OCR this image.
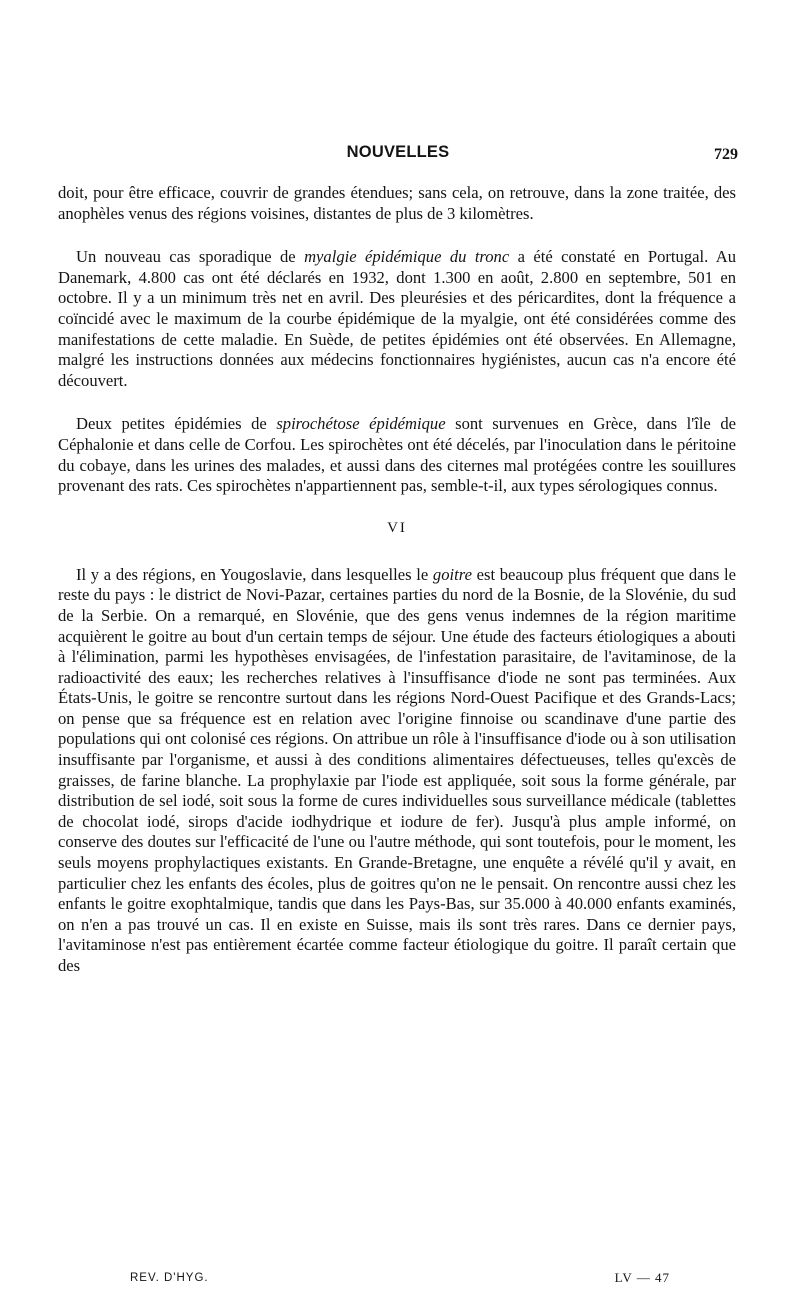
NOUVELLES	729

doit, pour être efficace, couvrir de grandes étendues; sans cela, on retrouve, dans la zone traitée, des anophèles venus des régions voisines, distantes de plus de 3 kilomètres.

Un nouveau cas sporadique de myalgie épidémique du tronc a été constaté en Portugal. Au Danemark, 4.800 cas ont été déclarés en 1932, dont 1.300 en août, 2.800 en septembre, 501 en octobre. Il y a un minimum très net en avril. Des pleurésies et des péricardites, dont la fréquence a coïncidé avec le maximum de la courbe épidémique de la myalgie, ont été considérées comme des manifestations de cette maladie. En Suède, de petites épidémies ont été observées. En Allemagne, malgré les instructions données aux médecins fonctionnaires hygiénistes, aucun cas n'a encore été découvert.

Deux petites épidémies de spirochétose épidémique sont survenues en Grèce, dans l'île de Céphalonie et dans celle de Corfou. Les spirochètes ont été décelés, par l'inoculation dans le péritoine du cobaye, dans les urines des malades, et aussi dans des citernes mal protégées contre les souillures provenant des rats. Ces spirochètes n'appartiennent pas, semble-t-il, aux types sérologiques connus.

VI

Il y a des régions, en Yougoslavie, dans lesquelles le goitre est beaucoup plus fréquent que dans le reste du pays : le district de Novi-Pazar, certaines parties du nord de la Bosnie, de la Slovénie, du sud de la Serbie. On a remarqué, en Slovénie, que des gens venus indemnes de la région maritime acquièrent le goitre au bout d'un certain temps de séjour. Une étude des facteurs étiologiques a abouti à l'élimination, parmi les hypothèses envisagées, de l'infestation parasitaire, de l'avitaminose, de la radioactivité des eaux; les recherches relatives à l'insuffisance d'iode ne sont pas terminées. Aux États-Unis, le goitre se rencontre surtout dans les régions Nord-Ouest Pacifique et des Grands-Lacs; on pense que sa fréquence est en relation avec l'origine finnoise ou scandinave d'une partie des populations qui ont colonisé ces régions. On attribue un rôle à l'insuffisance d'iode ou à son utilisation insuffisante par l'organisme, et aussi à des conditions alimentaires défectueuses, telles qu'excès de graisses, de farine blanche. La prophylaxie par l'iode est appliquée, soit sous la forme générale, par distribution de sel iodé, soit sous la forme de cures individuelles sous surveillance médicale (tablettes de chocolat iodé, sirops d'acide iodhydrique et iodure de fer). Jusqu'à plus ample informé, on conserve des doutes sur l'efficacité de l'une ou l'autre méthode, qui sont toutefois, pour le moment, les seuls moyens prophylactiques existants. En Grande-Bretagne, une enquête a révélé qu'il y avait, en particulier chez les enfants des écoles, plus de goitres qu'on ne le pensait. On rencontre aussi chez les enfants le goitre exophtalmique, tandis que dans les Pays-Bas, sur 35.000 à 40.000 enfants examinés, on n'en a pas trouvé un cas. Il en existe en Suisse, mais ils sont très rares. Dans ce dernier pays, l'avitaminose n'est pas entièrement écartée comme facteur étiologique du goitre. Il paraît certain que des

REV. D'HYG.	LV — 47
